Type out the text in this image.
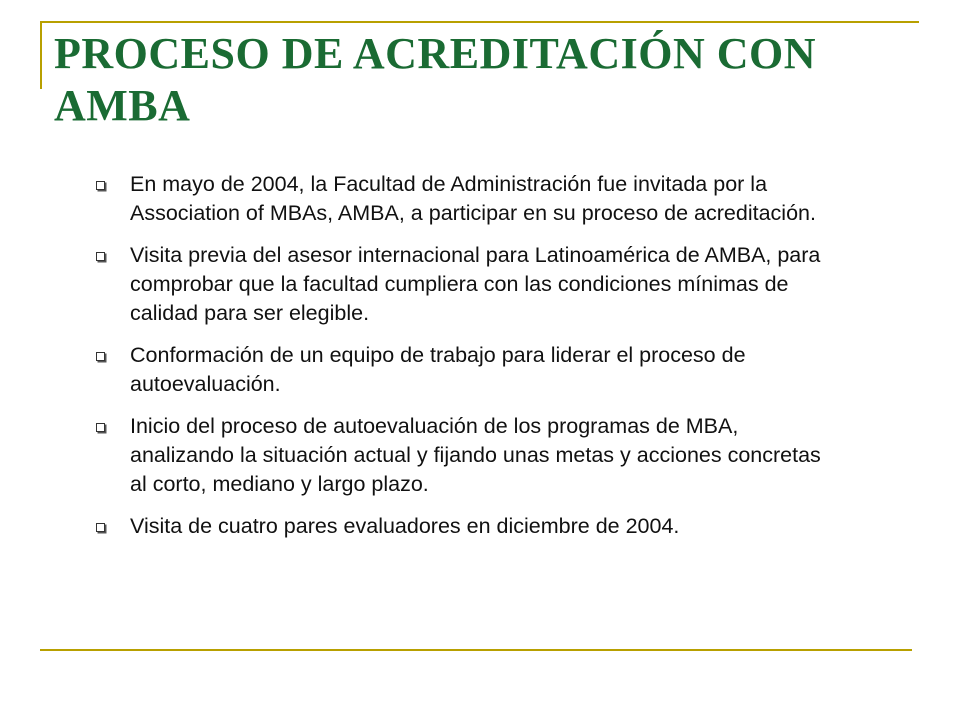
PROCESO DE ACREDITACIÓN CON AMBA
En mayo de 2004, la Facultad de Administración fue invitada por la Association of MBAs, AMBA, a participar en su proceso de acreditación.
Visita previa del asesor internacional para Latinoamérica de AMBA, para comprobar que la facultad cumpliera con las condiciones mínimas de calidad para ser elegible.
Conformación de un equipo de trabajo para liderar el proceso de autoevaluación.
Inicio del proceso de autoevaluación de los programas de MBA, analizando la situación actual y fijando unas metas y acciones concretas al corto, mediano y largo plazo.
Visita de cuatro pares evaluadores en diciembre de 2004.
